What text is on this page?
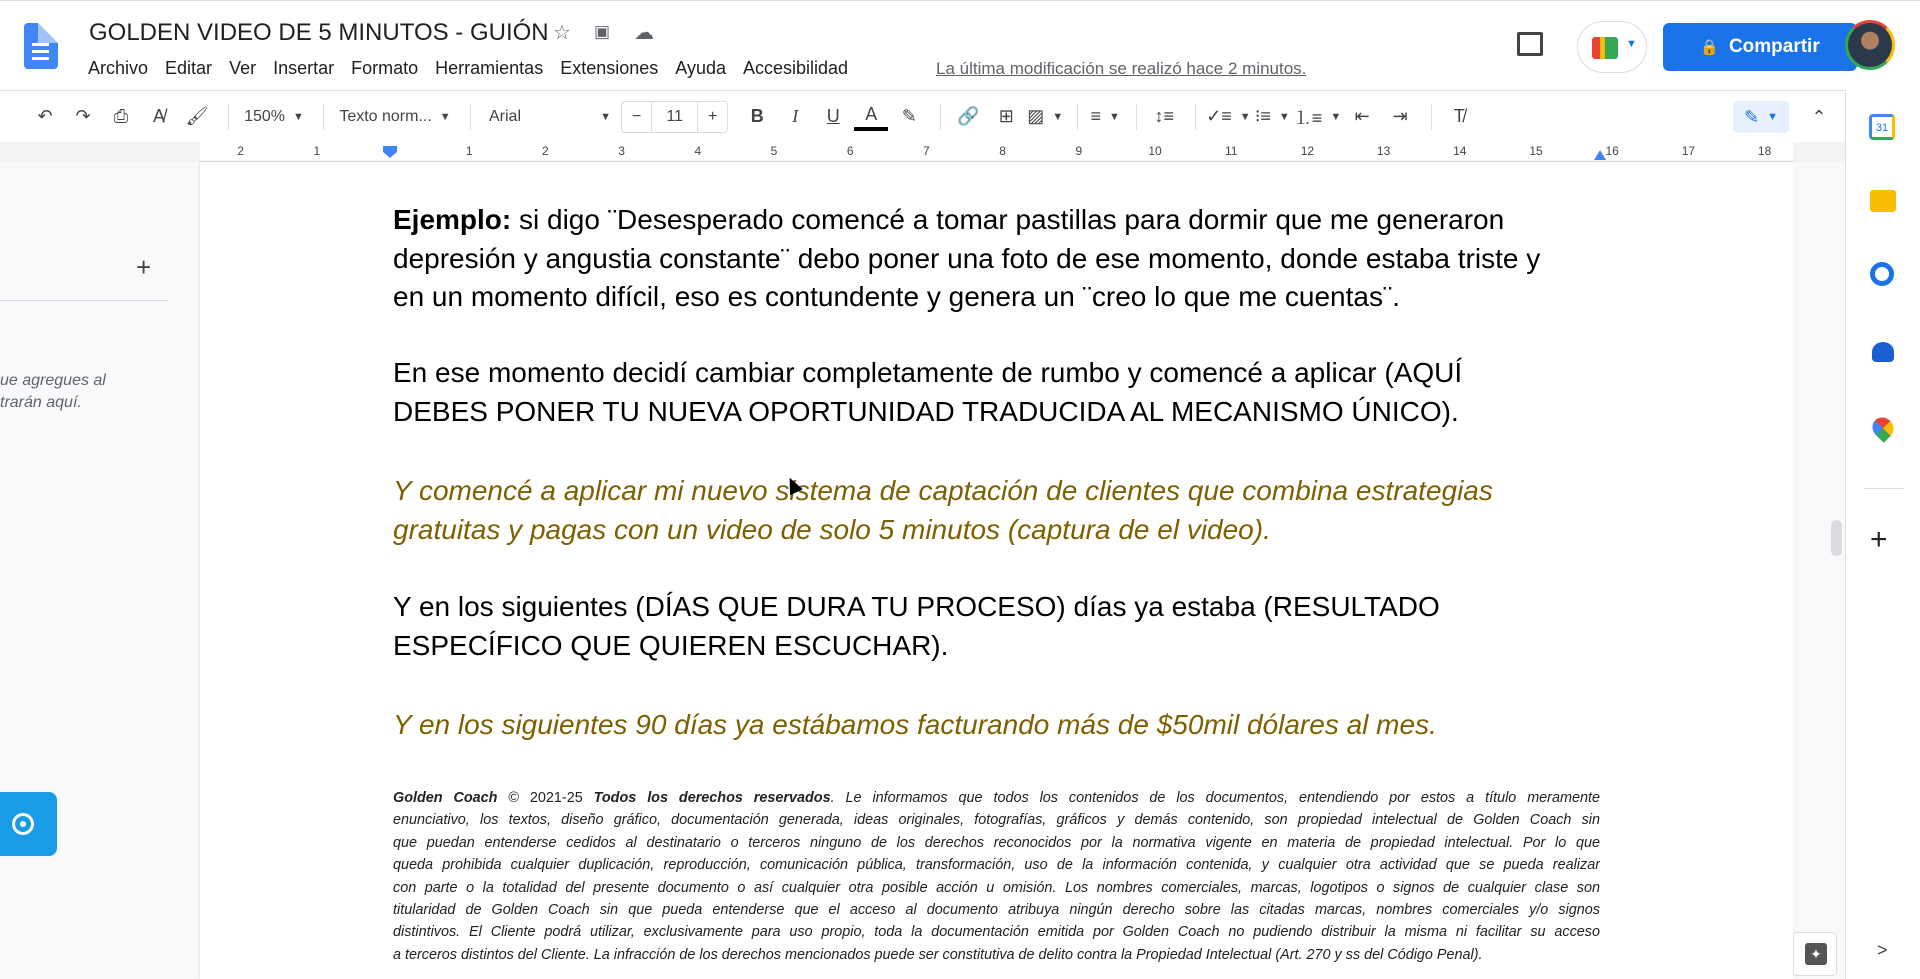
GOLDEN VIDEO DE 5 MINUTOS - GUIÓN ☆ ▣ ☁
Archivo Editar Ver Insertar Formato Herramientas Extensiones Ayuda Accesibilidad	La última modificación se realizó hace 2 minutos.
▼	🔒 Compartir
↶	↷	⎙	A̸	🖌	150% ▼ Texto norm... ▼ Arial	▼	−	11	+	B	I	U	A	✎	🔗	⊞ ▨ ▼ ≡ ▼	↕≡	✓≡ ▼ ⁝≡ ▼ ⒈≡ ▼ ⇤	⇥	T̸	✎ ▼	⌃
2	1	1	2	3	4	5	6	7	8	9	10	11	12	13	14	15	16	17	18
+
ue agregues al
trarán aquí.
✦
Ejemplo: si digo ¨Desesperado comencé a tomar pastillas para dormir que me generaron
depresión y angustia constante¨ debo poner una foto de ese momento, donde estaba triste y
en un momento difícil, eso es contundente y genera un ¨creo lo que me cuentas¨.
En ese momento decidí cambiar completamente de rumbo y comencé a aplicar (AQUÍ
DEBES PONER TU NUEVA OPORTUNIDAD TRADUCIDA AL MECANISMO ÚNICO).
Y comencé a aplicar mi nuevo sistema de captación de clientes que combina estrategias
gratuitas y pagas con un video de solo 5 minutos (captura de el video).
Y en los siguientes (DÍAS QUE DURA TU PROCESO) días ya estaba (RESULTADO
ESPECÍFICO QUE QUIEREN ESCUCHAR).
Y en los siguientes 90 días ya estábamos facturando más de $50mil dólares al mes.
Golden Coach © 2021-25 Todos los derechos reservados. Le informamos que todos los contenidos de los documentos, entendiendo por estos a título meramente
enunciativo, los textos, diseño gráfico, documentación generada, ideas originales, fotografías, gráficos y demás contenido, son propiedad intelectual de Golden Coach sin
que puedan entenderse cedidos al destinatario o terceros ninguno de los derechos reconocidos por la normativa vigente en materia de propiedad intelectual. Por lo que
queda prohibida cualquier duplicación, reproducción, comunicación pública, transformación, uso de la información contenida, y cualquier otra actividad que se pueda realizar
con parte o la totalidad del presente documento o así cualquier otra posible acción u omisión. Los nombres comerciales, marcas, logotipos o signos de cualquier clase son
titularidad de Golden Coach sin que pueda entenderse que el acceso al documento atribuya ningún derecho sobre las citadas marcas, nombres comerciales y/o signos
distintivos. El Cliente podrá utilizar, exclusivamente para uso propio, toda la documentación emitida por Golden Coach no pudiendo distribuir la misma ni facilitar su acceso
a terceros distintos del Cliente. La infracción de los derechos mencionados puede ser constitutiva de delito contra la Propiedad Intelectual (Art. 270 y ss del Código Penal).
31
+
>
